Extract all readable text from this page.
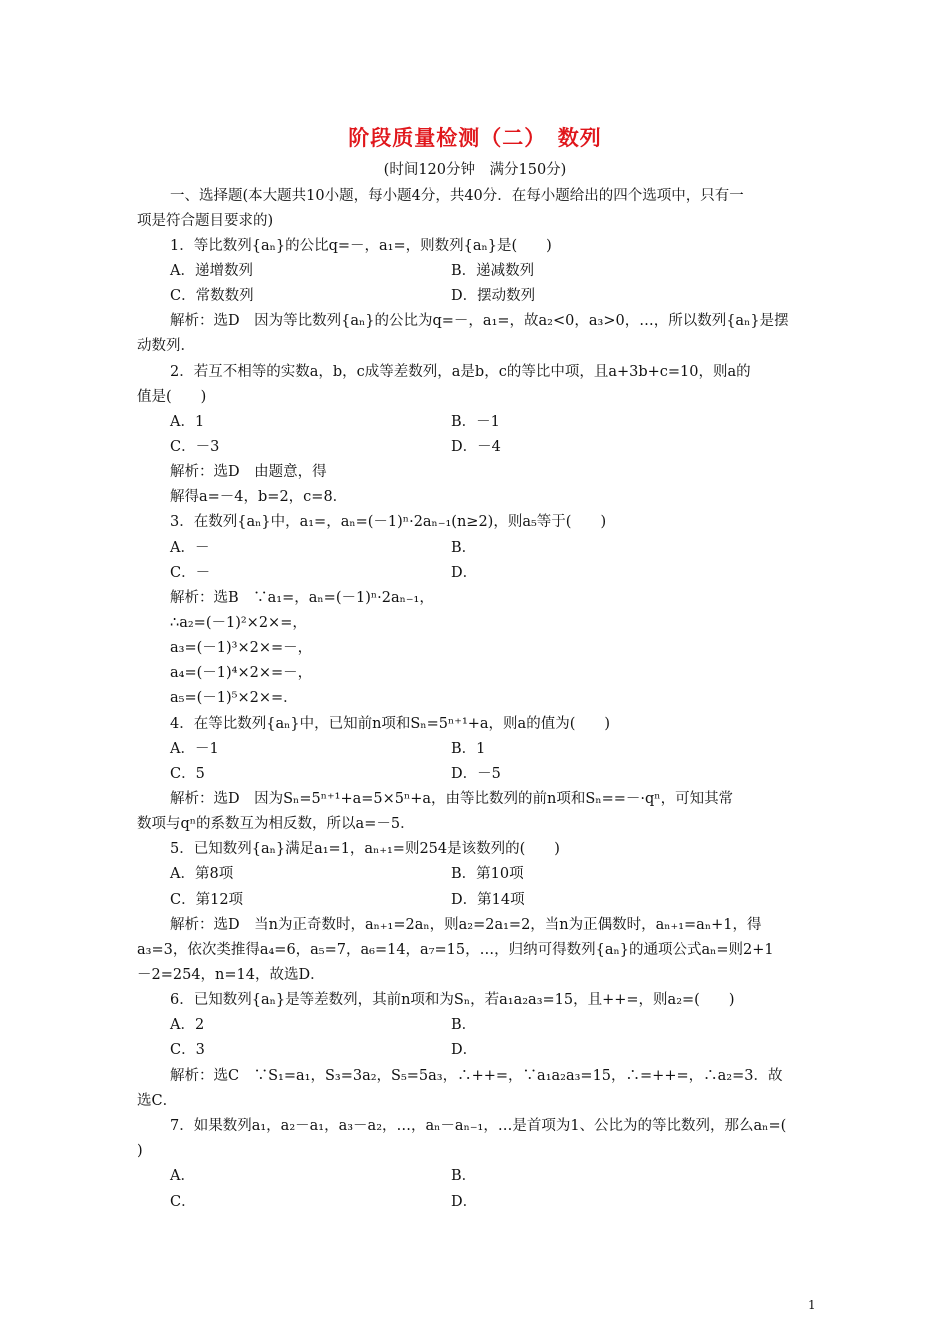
阶段质量检测（二）　数列
(时间120分钟　满分150分)
一、选择题(本大题共10小题，每小题4分，共40分．在每小题给出的四个选项中，只有一
项是符合题目要求的)
1．等比数列{aₙ}的公比q=－，a₁=，则数列{aₙ}是(　　)
A．递增数列	B．递减数列
C．常数数列	D．摆动数列
解析：选D　因为等比数列{aₙ}的公比为q=－，a₁=，故a₂<0，a₃>0，…，所以数列{aₙ}是摆
动数列．
2．若互不相等的实数a，b，c成等差数列，a是b，c的等比中项，且a+3b+c=10，则a的
值是(　　)
A．1	B．－1
C．－3	D．－4
解析：选D　由题意，得
解得a=－4，b=2，c=8．
3．在数列{aₙ}中，a₁=，aₙ=(－1)ⁿ·2aₙ₋₁(n≥2)，则a₅等于(　　)
A．－	B．
C．－	D．
解析：选B　∵a₁=，aₙ=(－1)ⁿ·2aₙ₋₁，
∴a₂=(－1)²×2×=，
a₃=(－1)³×2×=－，
a₄=(－1)⁴×2×=－，
a₅=(－1)⁵×2×=．
4．在等比数列{aₙ}中，已知前n项和Sₙ=5ⁿ⁺¹+a，则a的值为(　　)
A．－1	B．1
C．5	D．－5
解析：选D　因为Sₙ=5ⁿ⁺¹+a=5×5ⁿ+a，由等比数列的前n项和Sₙ==－·qⁿ，可知其常
数项与qⁿ的系数互为相反数，所以a=－5．
5．已知数列{aₙ}满足a₁=1，aₙ₊₁=则254是该数列的(　　)
A．第8项	B．第10项
C．第12项	D．第14项
解析：选D　当n为正奇数时，aₙ₊₁=2aₙ，则a₂=2a₁=2，当n为正偶数时，aₙ₊₁=aₙ+1，得
a₃=3，依次类推得a₄=6，a₅=7，a₆=14，a₇=15，…，归纳可得数列{aₙ}的通项公式aₙ=则2+1
－2=254，n=14，故选D．
6．已知数列{aₙ}是等差数列，其前n项和为Sₙ，若a₁a₂a₃=15，且++=，则a₂=(　　)
A．2	B．
C．3	D．
解析：选C　∵S₁=a₁，S₃=3a₂，S₅=5a₃，∴++=，∵a₁a₂a₃=15，∴=++=，∴a₂=3．故
选C．
7．如果数列a₁，a₂－a₁，a₃－a₂，…，aₙ－aₙ₋₁，…是首项为1、公比为的等比数列，那么aₙ=(
)
A．	B．
C．	D．
1
